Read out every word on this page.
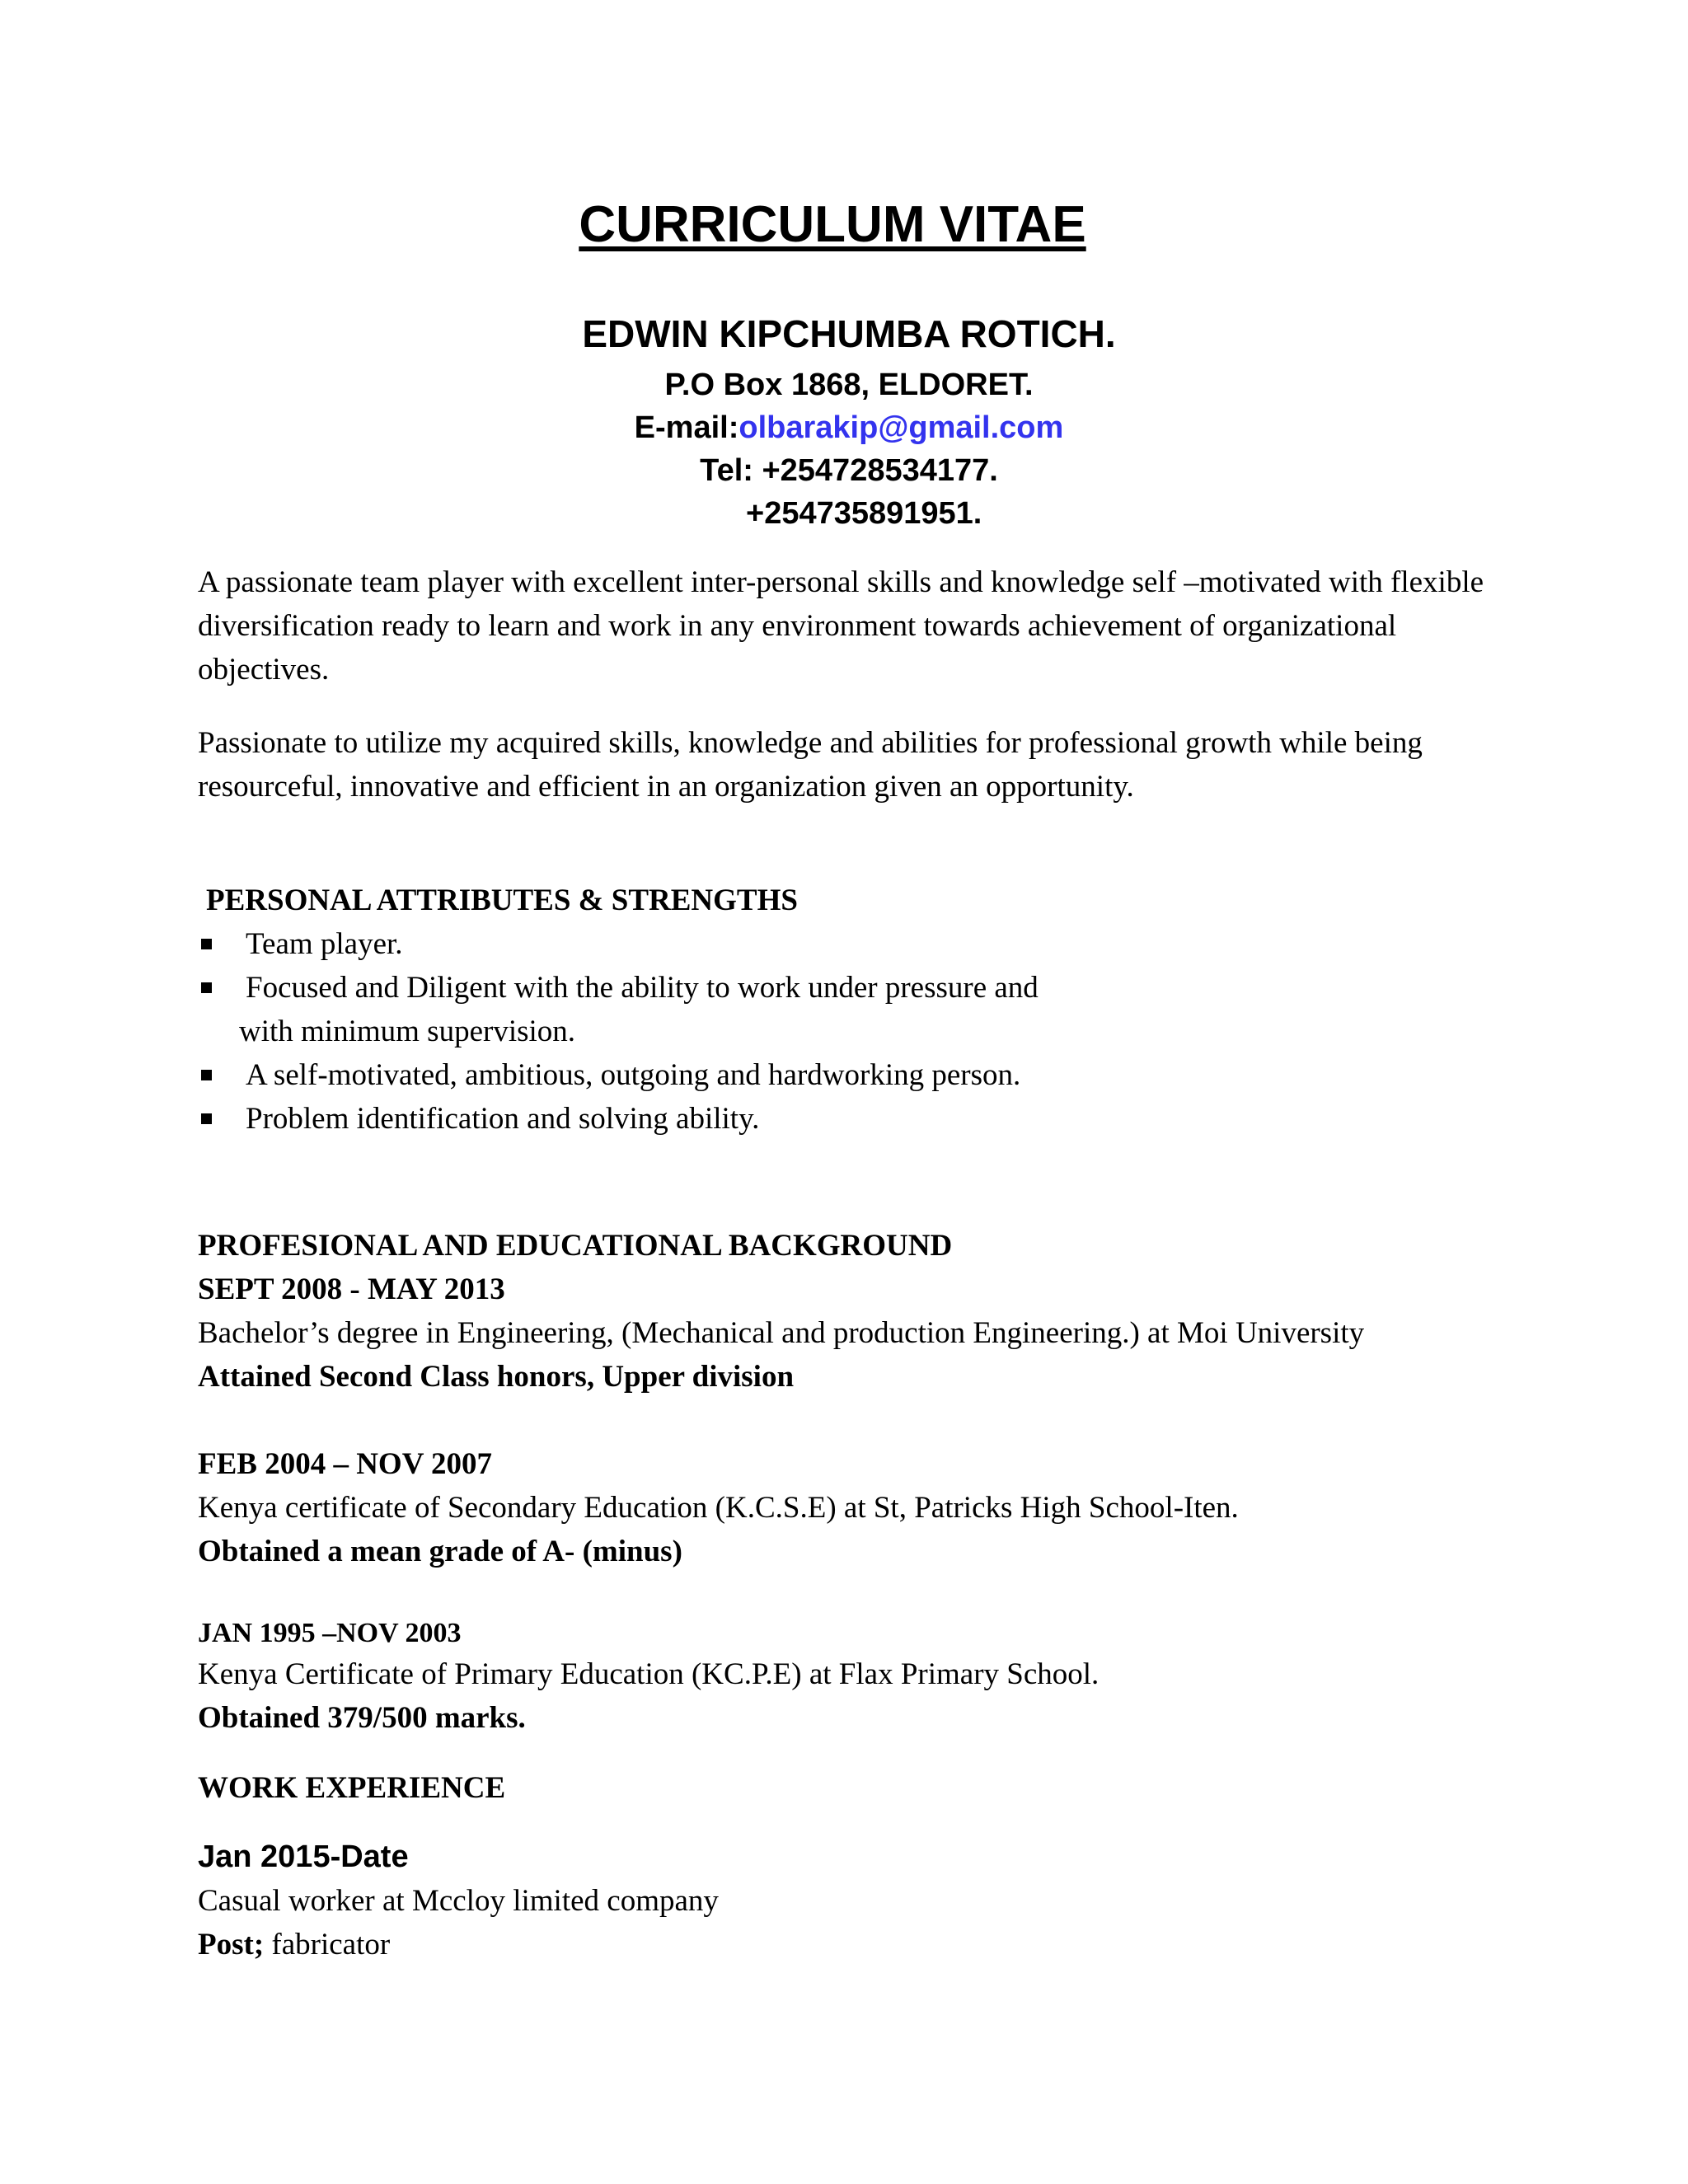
CURRICULUM VITAE
EDWIN KIPCHUMBA ROTICH.
P.O Box 1868, ELDORET.
E-mail:olbarakip@gmail.com
Tel: +254728534177.
+254735891951.

A passionate team player with excellent inter-personal skills and knowledge self –motivated with flexible diversification ready to learn and work in any environment towards achievement of organizational objectives.

Passionate to utilize my acquired skills, knowledge and abilities for professional growth while being resourceful, innovative and efficient in an organization given an opportunity.

PERSONAL ATTRIBUTES & STRENGTHS
Team player.
Focused and Diligent with the ability to work under pressure and
with minimum supervision.
A self-motivated, ambitious, outgoing and hardworking person.
Problem identification and solving ability.
PROFESIONAL AND EDUCATIONAL BACKGROUND
SEPT 2008 - MAY 2013
Bachelor’s degree in Engineering, (Mechanical and production Engineering.) at Moi University
Attained Second Class honors, Upper division
FEB 2004 – NOV 2007
Kenya certificate of Secondary Education (K.C.S.E) at St, Patricks High School-Iten.
Obtained a mean grade of A- (minus)
JAN 1995 –NOV 2003
Kenya Certificate of Primary Education (KC.P.E) at Flax Primary School.
Obtained 379/500 marks.
WORK EXPERIENCE
Jan 2015-Date
Casual worker at Mccloy limited company
Post; fabricator
